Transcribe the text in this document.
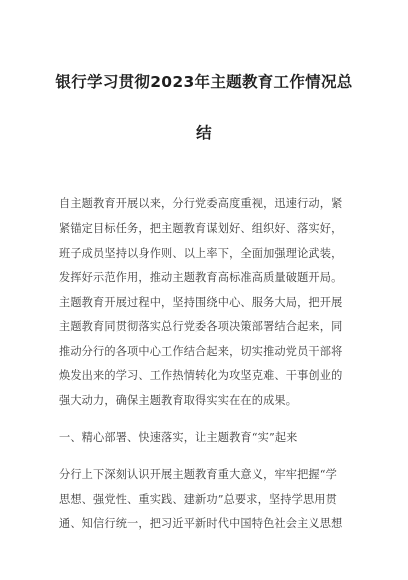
银行学习贯彻2023年主题教育工作情况总
结
自主题教育开展以来，分行党委高度重视，迅速行动，紧
紧锚定目标任务，把主题教育谋划好、组织好、落实好，
班子成员坚持以身作则、以上率下，全面加强理论武装，
发挥好示范作用，推动主题教育高标准高质量破题开局。
主题教育开展过程中，坚持围绕中心、服务大局，把开展
主题教育同贯彻落实总行党委各项决策部署结合起来，同
推动分行的各项中心工作结合起来，切实推动党员干部将
焕发出来的学习、工作热情转化为攻坚克难、干事创业的
强大动力，确保主题教育取得实实在在的成果。
一、精心部署、快速落实，让主题教育“实”起来
分行上下深刻认识开展主题教育重大意义，牢牢把握“学
思想、强党性、重实践、建新功”总要求，坚持学思用贯
通、知信行统一，把习近平新时代中国特色社会主义思想
